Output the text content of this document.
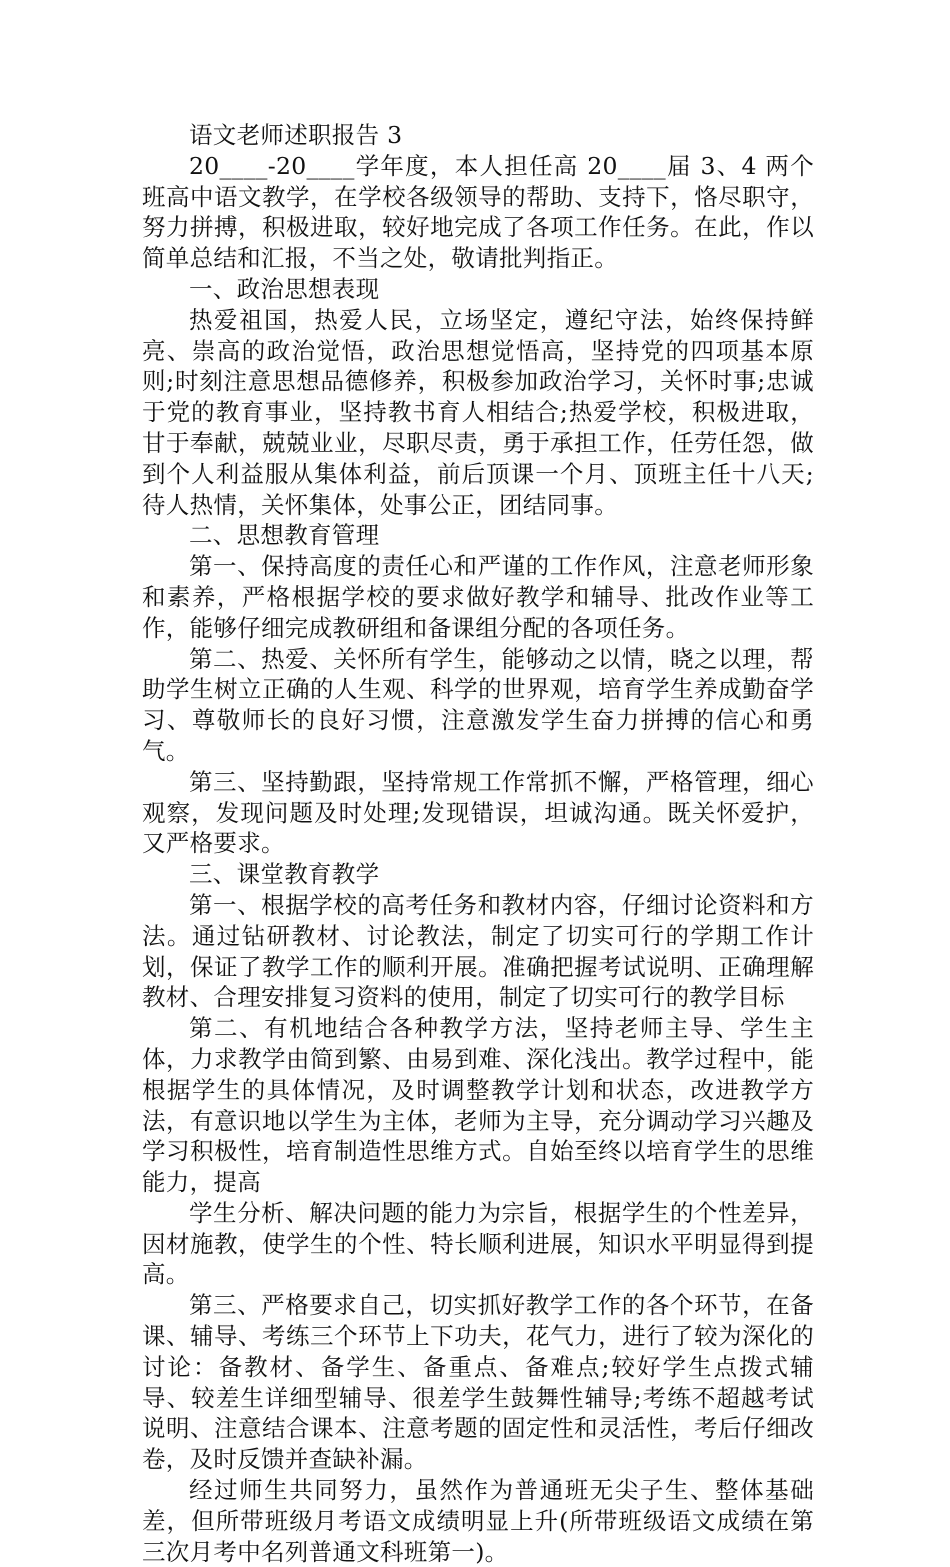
语文老师述职报告 3

20____-20____学年度，本人担任高 20____届 3、4 两个班高中语文教学，在学校各级领导的帮助、支持下，恪尽职守，努力拼搏，积极进取，较好地完成了各项工作任务。在此，作以简单总结和汇报，不当之处，敬请批判指正。

一、政治思想表现

热爱祖国，热爱人民，立场坚定，遵纪守法，始终保持鲜亮、崇高的政治觉悟，政治思想觉悟高，坚持党的四项基本原则;时刻注意思想品德修养，积极参加政治学习，关怀时事;忠诚于党的教育事业，坚持教书育人相结合;热爱学校，积极进取，甘于奉献，兢兢业业，尽职尽责，勇于承担工作，任劳任怨，做到个人利益服从集体利益，前后顶课一个月、顶班主任十八天;待人热情，关怀集体，处事公正，团结同事。

二、思想教育管理

第一、保持高度的责任心和严谨的工作作风，注意老师形象和素养，严格根据学校的要求做好教学和辅导、批改作业等工作，能够仔细完成教研组和备课组分配的各项任务。

第二、热爱、关怀所有学生，能够动之以情，晓之以理，帮助学生树立正确的人生观、科学的世界观，培育学生养成勤奋学习、尊敬师长的良好习惯，注意激发学生奋力拼搏的信心和勇气。

第三、坚持勤跟，坚持常规工作常抓不懈，严格管理，细心观察，发现问题及时处理;发现错误，坦诚沟通。既关怀爱护，又严格要求。

三、课堂教育教学

第一、根据学校的高考任务和教材内容，仔细讨论资料和方法。通过钻研教材、讨论教法，制定了切实可行的学期工作计划，保证了教学工作的顺利开展。准确把握考试说明、正确理解教材、合理安排复习资料的使用，制定了切实可行的教学目标

第二、有机地结合各种教学方法，坚持老师主导、学生主体，力求教学由简到繁、由易到难、深化浅出。教学过程中，能根据学生的具体情况，及时调整教学计划和状态，改进教学方法，有意识地以学生为主体，老师为主导，充分调动学习兴趣及学习积极性，培育制造性思维方式。自始至终以培育学生的思维能力，提高

学生分析、解决问题的能力为宗旨，根据学生的个性差异，因材施教，使学生的个性、特长顺利进展，知识水平明显得到提高。

第三、严格要求自己，切实抓好教学工作的各个环节，在备课、辅导、考练三个环节上下功夫，花气力，进行了较为深化的讨论：备教材、备学生、备重点、备难点;较好学生点拨式辅导、较差生详细型辅导、很差学生鼓舞性辅导;考练不超越考试说明、注意结合课本、注意考题的固定性和灵活性，考后仔细改卷，及时反馈并查缺补漏。

经过师生共同努力，虽然作为普通班无尖子生、整体基础差，但所带班级月考语文成绩明显上升(所带班级语文成绩在第三次月考中名列普通文科班第一)。
